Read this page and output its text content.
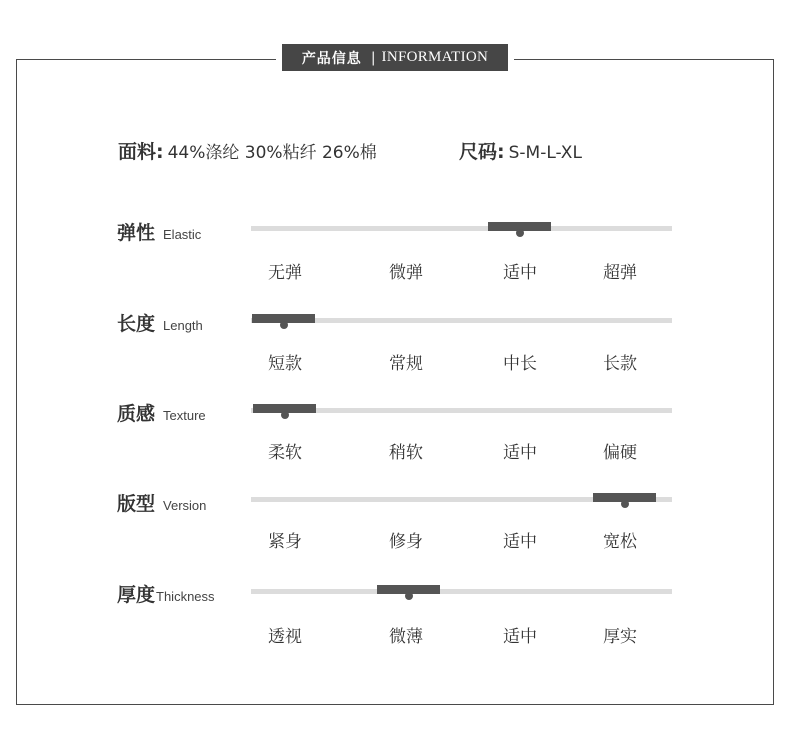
产品信息 | INFORMATION
面料: 44%涤纶 30%粘纤 26%棉	尺码: S-M-L-XL
弹性 Elastic
无弹	微弹	适中	超弹
长度 Length
短款	常规	中长	长款
质感 Texture
柔软	稍软	适中	偏硬
版型 Version
紧身	修身	适中	宽松
厚度 Thickness
透视	微薄	适中	厚实
